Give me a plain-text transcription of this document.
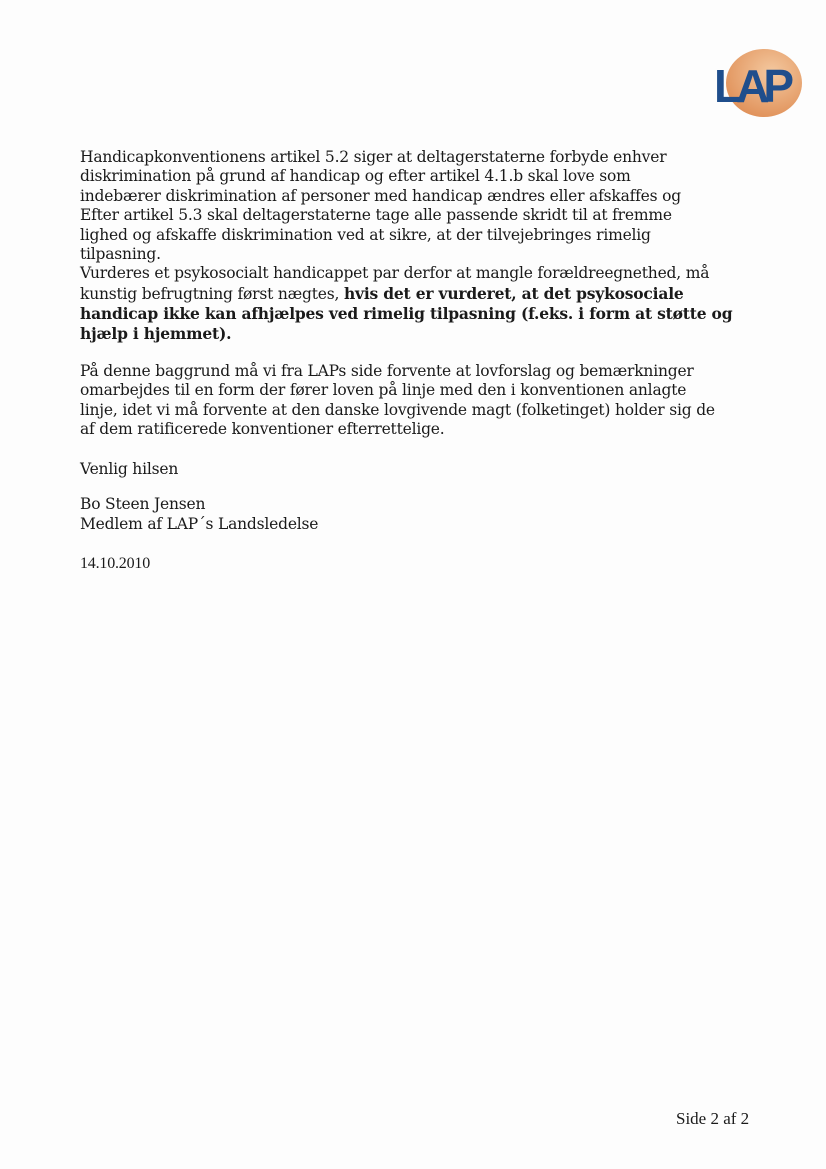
LAP

Handicapkonventionens artikel 5.2 siger at deltagerstaterne forbyde enhver
diskrimination på grund af handicap og efter artikel 4.1.b skal love som
indebærer diskrimination af personer med handicap ændres eller afskaffes og
Efter artikel 5.3 skal deltagerstaterne tage alle passende skridt til at fremme
lighed og afskaffe diskrimination ved at sikre, at der tilvejebringes rimelig
tilpasning.

Vurderes et psykosocialt handicappet par derfor at mangle forældreegnethed, må
kunstig befrugtning først nægtes, hvis det er vurderet, at det psykosociale
handicap ikke kan afhjælpes ved rimelig tilpasning (f.eks. i form at støtte og
hjælp i hjemmet).

På denne baggrund må vi fra LAPs side forvente at lovforslag og bemærkninger
omarbejdes til en form der fører loven på linje med den i konventionen anlagte
linje, idet vi må forvente at den danske lovgivende magt (folketinget) holder sig de
af dem ratificerede konventioner efterrettelige.

Venlig hilsen

Bo Steen Jensen
Medlem af LAP´s Landsledelse

14.10.2010

Side 2 af 2
